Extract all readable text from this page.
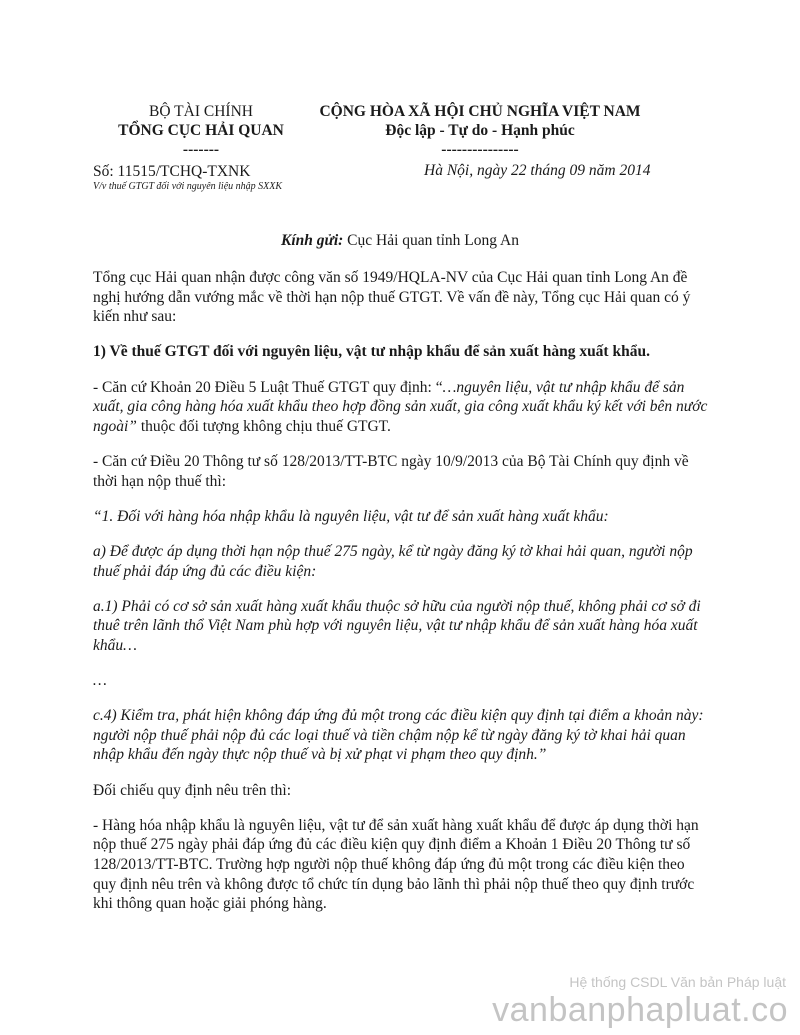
BỘ TÀI CHÍNH
TỔNG CỤC HẢI QUAN
-------
CỘNG HÒA XÃ HỘI CHỦ NGHĨA VIỆT NAM
Độc lập - Tự do - Hạnh phúc
---------------
Số: 11515/TCHQ-TXNK
V/v thuế GTGT đối với nguyên liệu nhập SXXK
Hà Nội, ngày 22 tháng 09 năm 2014
Kính gửi: Cục Hải quan tỉnh Long An

Tổng cục Hải quan nhận được công văn số 1949/HQLA-NV của Cục Hải quan tỉnh Long An đề nghị hướng dẫn vướng mắc về thời hạn nộp thuế GTGT. Về vấn đề này, Tổng cục Hải quan có ý kiến như sau:

1) Về thuế GTGT đối với nguyên liệu, vật tư nhập khẩu để sản xuất hàng xuất khẩu.

- Căn cứ Khoản 20 Điều 5 Luật Thuế GTGT quy định: “…nguyên liệu, vật tư nhập khẩu để sản xuất, gia công hàng hóa xuất khẩu theo hợp đồng sản xuất, gia công xuất khẩu ký kết với bên nước ngoài” thuộc đối tượng không chịu thuế GTGT.

- Căn cứ Điều 20 Thông tư số 128/2013/TT-BTC ngày 10/9/2013 của Bộ Tài Chính quy định về thời hạn nộp thuế thì:

“1. Đối với hàng hóa nhập khẩu là nguyên liệu, vật tư để sản xuất hàng xuất khẩu:

a) Để được áp dụng thời hạn nộp thuế 275 ngày, kể từ ngày đăng ký tờ khai hải quan, người nộp thuế phải đáp ứng đủ các điều kiện:

a.1) Phải có cơ sở sản xuất hàng xuất khẩu thuộc sở hữu của người nộp thuế, không phải cơ sở đi thuê trên lãnh thổ Việt Nam phù hợp với nguyên liệu, vật tư nhập khẩu để sản xuất hàng hóa xuất khẩu…

…

c.4) Kiểm tra, phát hiện không đáp ứng đủ một trong các điều kiện quy định tại điểm a khoản này: người nộp thuế phải nộp đủ các loại thuế và tiền chậm nộp kể từ ngày đăng ký tờ khai hải quan nhập khẩu đến ngày thực nộp thuế và bị xử phạt vi phạm theo quy định.”

Đối chiếu quy định nêu trên thì:

- Hàng hóa nhập khẩu là nguyên liệu, vật tư để sản xuất hàng xuất khẩu để được áp dụng thời hạn nộp thuế 275 ngày phải đáp ứng đủ các điều kiện quy định điểm a Khoản 1 Điều 20 Thông tư số 128/2013/TT-BTC. Trường hợp người nộp thuế không đáp ứng đủ một trong các điều kiện theo quy định nêu trên và không được tổ chức tín dụng bảo lãnh thì phải nộp thuế theo quy định trước khi thông quan hoặc giải phóng hàng.

Hệ thống CSDL Văn bản Pháp luật
vanbanphapluat.co
